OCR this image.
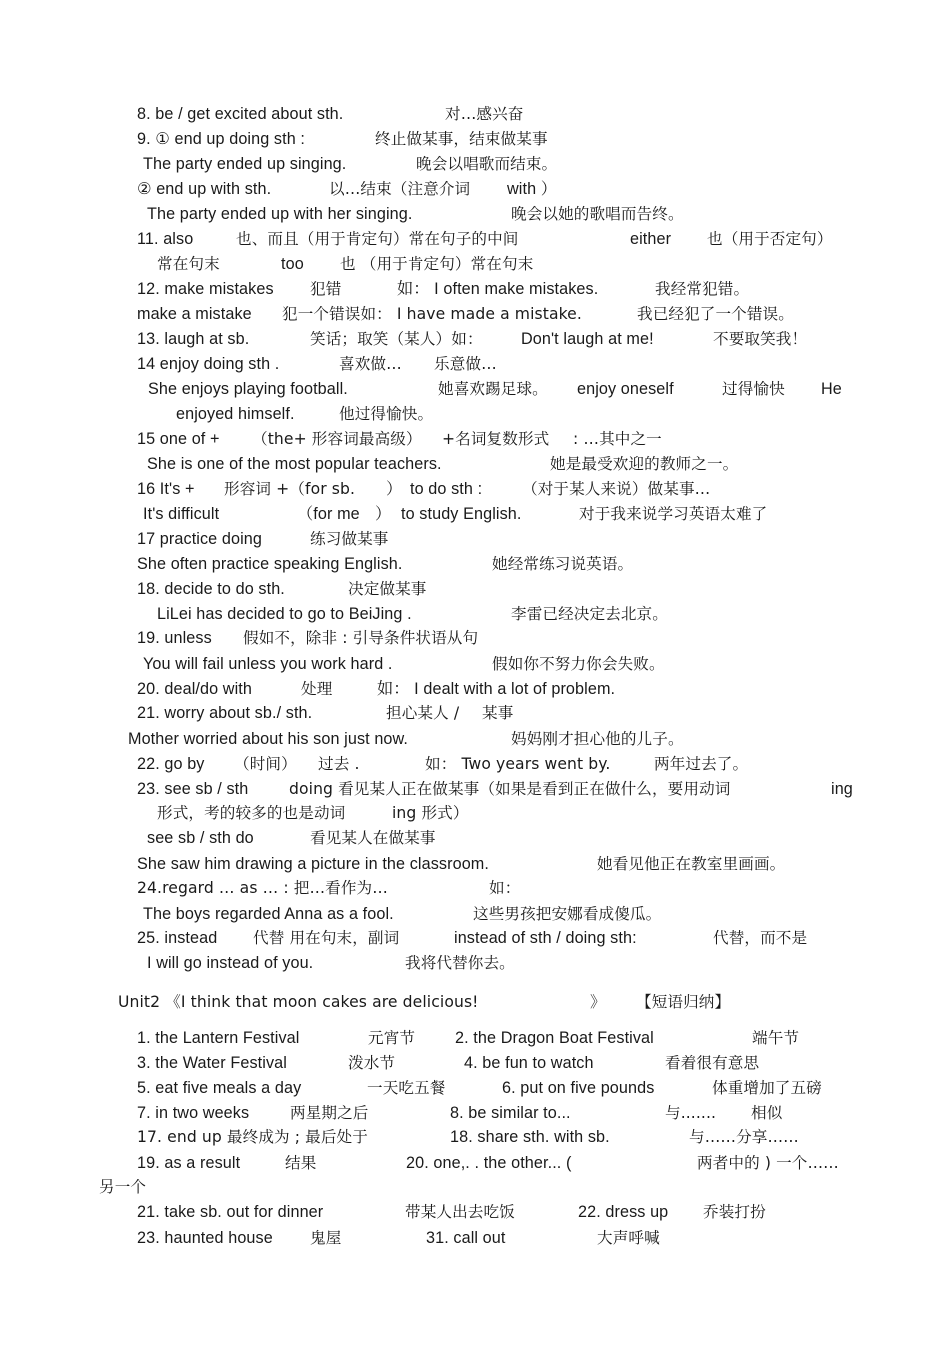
8. be / get excited about sth.	对…感兴奋
9. ① end up doing sth :	终止做某事，结束做某事
The party ended up singing.	晚会以唱歌而结束。
② end up with sth.	以…结束（注意介词 with ）
The party ended up with her singing.	晚会以她的歌唱而告终。
11. also	也、而且（用于肯定句）常在句子的中间	either 也（用于否定句）
常在句末	too 也 （用于肯定句）常在句末
12. make mistakes 犯错	如： I often make mistakes.	我经常犯错。
make a mistake 犯一个错误如： I have made a mistake.	我已经犯了一个错误。
13. laugh at sb.	笑话；取笑（某人）如： Don't laugh at me!	不要取笑我！
14 enjoy doing sth .	喜欢做… 乐意做…
She enjoys playing football.	她喜欢踢足球。 enjoy oneself	过得愉快 He
enjoyed himself.	他过得愉快。
15 one of + （the+ 形容词最高级） +名词复数形式 : …其中之一
She is one of the most popular teachers.	她是最受欢迎的教师之一。
16 It's + 形容词 +（for sb. ） to do sth :	（对于某人来说）做某事…
It's difficult	（for me ） to study English.	对于我来说学习英语太难了
17 practice doing	练习做某事
She often practice speaking English.	她经常练习说英语。
18. decide to do sth.	决定做某事
LiLei has decided to go to BeiJing .	李雷已经决定去北京。
19. unless 假如不，除非 : 引导条件状语从句
You will fail unless you work hard .	假如你不努力你会失败。
20. deal/do with	处理	如： I dealt with a lot of problem.
21. worry about sb./ sth.	担心某人 / 某事
Mother worried about his son just now.	妈妈刚才担心他的儿子。
22. go by （时间） 过去 .	如： Two years went by.	两年过去了。
23. see sb / sth	doing 看见某人正在做某事（如果是看到正在做什么，要用动词	ing
形式，考的较多的也是动词	ing 形式）
see sb / sth do	看见某人在做某事
She saw him drawing a picture in the classroom.	她看见他正在教室里画画。
24.regard … as … : 把…看作为…	如：
The boys regarded Anna as a fool.	这些男孩把安娜看成傻瓜。
25. instead 代替 用在句末，副词	instead of sth / doing sth:	代替，而不是
I will go instead of you.	我将代替你去。
Unit2 《I think that moon cakes are delicious!	》 【短语归纳】
1. the Lantern Festival	元宵节 2. the Dragon Boat Festival	端午节
3. the Water Festival	泼水节	4. be fun to watch	看着很有意思
5. eat five meals a day	一天吃五餐	6. put on five pounds	体重增加了五磅
7. in two weeks	两星期之后	8. be similar to...	与....... 相似
17. end up 最终成为 ; 最后处于	18. share sth. with sb.	与……分享……
19. as a result	结果	20. one,. . the other... (	两者中的 ) 一个……
另一个
21. take sb. out for dinner	带某人出去吃饭	22. dress up 乔装打扮
23. haunted house 鬼屋	31. call out	大声呼喊
